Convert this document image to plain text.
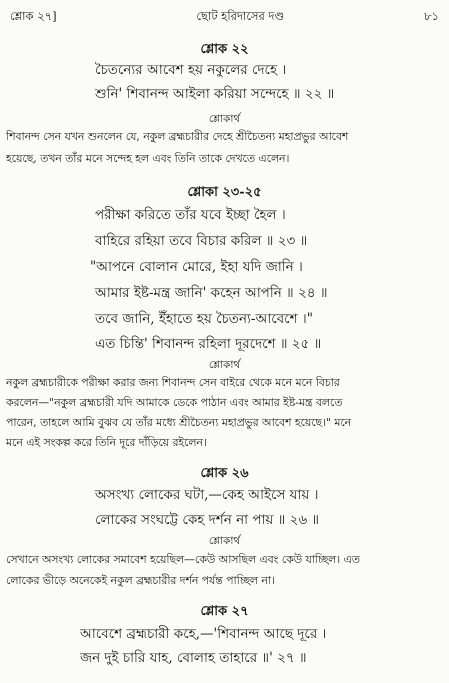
শ্লোক ২৭]	ছোট হরিদাসের দণ্ড	৮১
শ্লোক ২২
চৈতন্যের আবেশ হয় নকুলের দেহে ।
শুনি' শিবানন্দ আইলা করিয়া সন্দেহে ॥ ২২ ॥
শ্লোকার্থ
শিবানন্দ সেন যখন শুনলেন যে, নকুল ব্রহ্মচারীর দেহে শ্রীচৈতন্য মহাপ্রভুর আবেশ
হয়েছে, তখন তাঁর মনে সন্দেহ হল এবং তিনি তাকে দেখতে এলেন।
শ্লোকা ২৩-২৫
পরীক্ষা করিতে তাঁর যবে ইচ্ছা হৈল ।
বাহিরে রহিয়া তবে বিচার করিল ॥ ২৩ ॥
"আপনে বোলান মোরে, ইহা যদি জানি ।
আমার ইষ্ট-মন্ত্র জানি' কহেন আপনি ॥ ২৪ ॥
তবে জানি, ইঁহাতে হয় চৈতন্য-আবেশে ।"
এত চিন্তি' শিবানন্দ রহিলা দূরদেশে ॥ ২৫ ॥
শ্লোকার্থ
নকুল ব্রহ্মচারীকে পরীক্ষা করার জন্য শিবানন্দ সেন বাইরে থেকে মনে মনে বিচার
করলেন—"নকুল ব্রহ্মচারী যদি আমাকে ডেকে পাঠান এবং আমার ইষ্ট-মন্ত্র বলতে
পারেন, তাহলে আমি বুঝব যে তাঁর মধ্যে শ্রীচৈতন্য মহাপ্রভুর আবেশ হয়েছে।" মনে
মনে এই সংকল্প করে তিনি দূরে দাঁড়িয়ে রইলেন।
শ্লোক ২৬
অসংখ্য লোকের ঘটা,—কেহ আইসে যায় ।
লোকের সংঘট্টে কেহ দর্শন না পায় ॥ ২৬ ॥
শ্লোকার্থ
সেখানে অসংখ্য লোকের সমাবেশ হয়েছিল—কেউ আসছিল এবং কেউ যাচ্ছিল। এত
লোকের ভীড়ে অনেকেই নকুল ব্রহ্মচারীর দর্শন পর্যন্ত পাচ্ছিল না।
শ্লোক ২৭
আবেশে ব্রহ্মচারী কহে,—'শিবানন্দ আছে দূরে ।
জন দুই চারি যাহ, বোলাহ তাহারে ॥' ২৭ ॥
